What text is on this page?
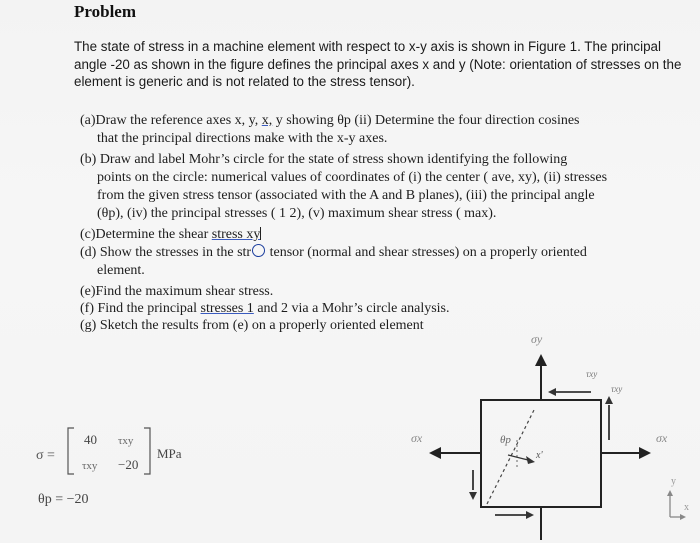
Problem
The state of stress in a machine element with respect to x-y axis is shown in Figure 1. The principal angle -20 as shown in the figure defines the principal axes x and y (Note: orientation of stresses on the element is generic and is not related to the stress tensor).
(a)Draw the reference axes x, y, x, y showing θp (ii) Determine the four direction cosines
that the principal directions make with the x-y axes.
(b) Draw and label Mohr’s circle for the state of stress shown identifying the following
points on the circle: numerical values of coordinates of (i) the center ( ave, xy), (ii) stresses
from the given stress tensor (associated with the A and B planes), (iii) the principal angle
(θp), (iv) the principal stresses ( 1 2), (v) maximum shear stress ( max).
(c)Determine the shear stress xy
(d) Show the stresses in the str tensor (normal and shear stresses) on a properly oriented
element.
(e)Find the maximum shear stress.
(f) Find the principal stresses 1 and 2 via a Mohr’s circle analysis.
(g) Sketch the results from (e) on a properly oriented element
σ =
40 τxy
τxy −20
MPa
θp = −20
σy
σx	σx
τxy
τxy
x'
θp
y
x
